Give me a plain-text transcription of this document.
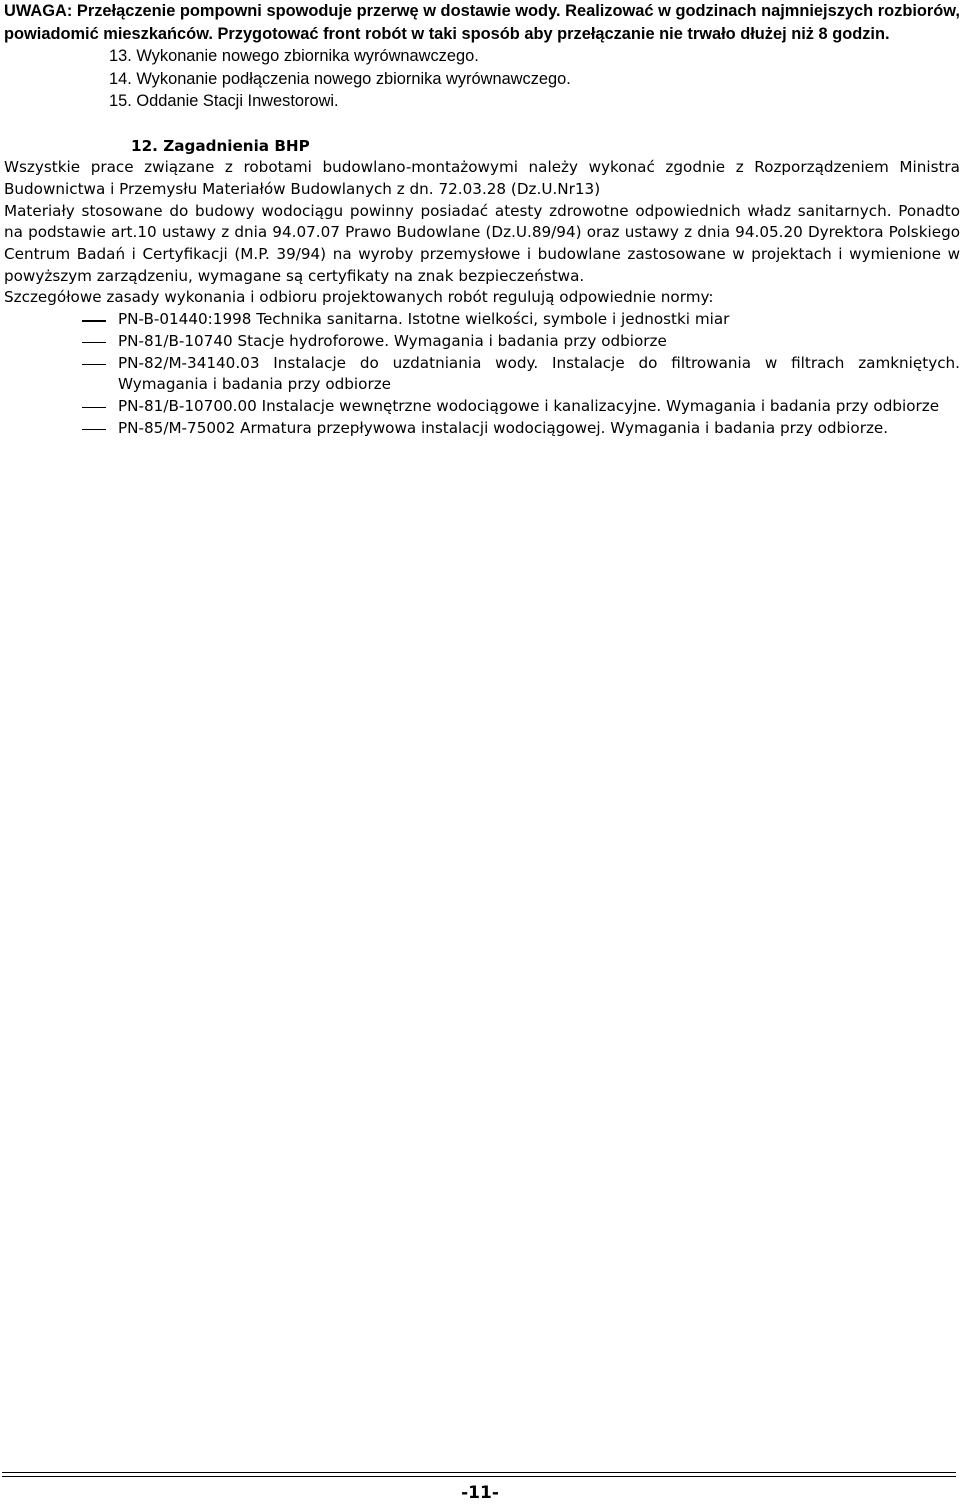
UWAGA: Przełączenie pompowni spowoduje przerwę w dostawie wody. Realizować w godzinach najmniejszych rozbiorów, powiadomić mieszkańców. Przygotować front robót w taki sposób aby przełączanie nie trwało dłużej niż 8 godzin.

13. Wykonanie nowego zbiornika wyrównawczego.
14. Wykonanie podłączenia nowego zbiornika wyrównawczego.
15. Oddanie Stacji Inwestorowi.

12. Zagadnienia BHP

Wszystkie prace związane z robotami budowlano-montażowymi należy wykonać zgodnie z Rozporządzeniem Ministra Budownictwa i Przemysłu Materiałów Budowlanych z dn. 72.03.28 (Dz.U.Nr13)

Materiały stosowane do budowy wodociągu powinny posiadać atesty zdrowotne odpowiednich władz sanitarnych. Ponadto na podstawie art.10 ustawy z dnia 94.07.07 Prawo Budowlane (Dz.U.89/94) oraz ustawy z dnia 94.05.20 Dyrektora Polskiego Centrum Badań i Certyfikacji (M.P. 39/94) na wyroby przemysłowe i budowlane zastosowane w projektach i wymienione w powyższym zarządzeniu, wymagane są certyfikaty na znak bezpieczeństwa.

Szczegółowe zasady wykonania i odbioru projektowanych robót regulują odpowiednie normy:

PN-B-01440:1998 Technika sanitarna. Istotne wielkości, symbole i jednostki miar
PN-81/B-10740 Stacje hydroforowe. Wymagania i badania przy odbiorze
PN-82/M-34140.03 Instalacje do uzdatniania wody. Instalacje do filtrowania w filtrach zamkniętych. Wymagania i badania przy odbiorze
PN-81/B-10700.00 Instalacje wewnętrzne wodociągowe i kanalizacyjne. Wymagania i badania przy odbiorze
PN-85/M-75002 Armatura przepływowa instalacji wodociągowej. Wymagania i badania przy odbiorze.
-11-
